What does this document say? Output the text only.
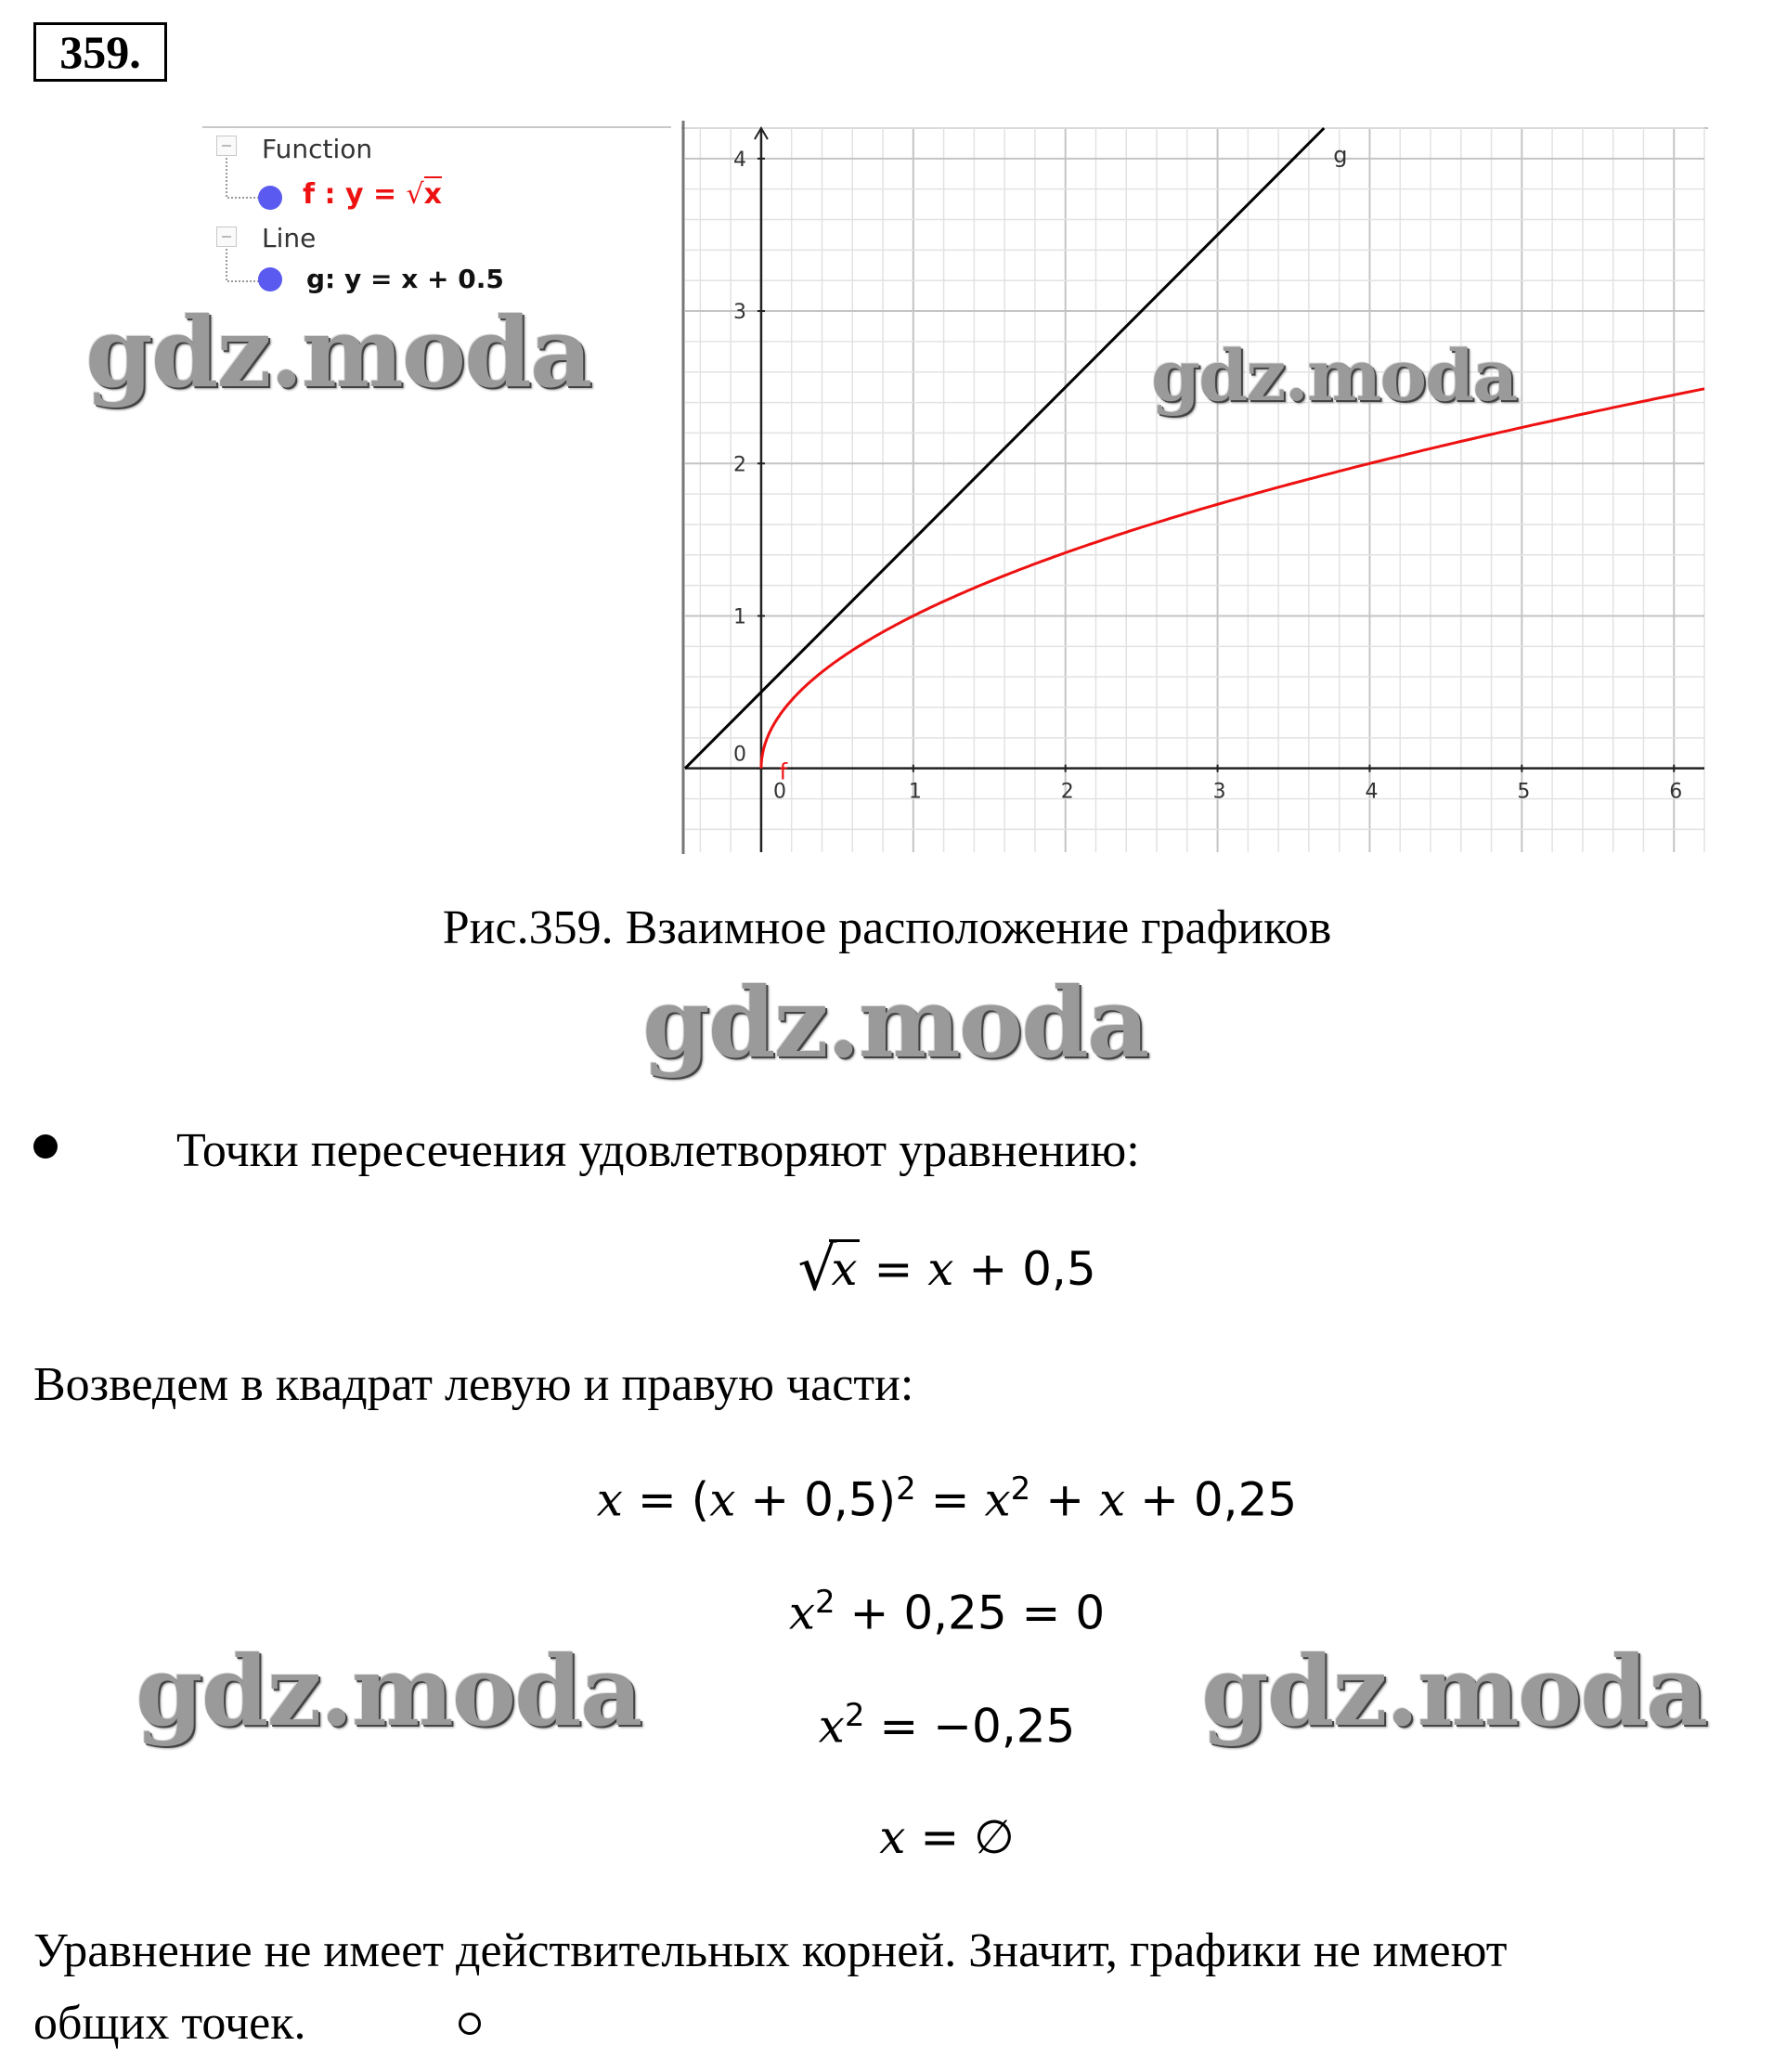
359.
Function
f : y = √x
Line
g: y = x + 0.5
0	1	2	3	4	5	6
0
1
2
3
4	g
f
gdz.moda	gdz.moda
gdz.moda
gdz.moda	gdz.moda
Рис.359. Взаимное расположение графиков
Точки пересечения удовлетворяют уравнению:
√
x = x + 0,5
Возведем в квадрат левую и правую части:
$x = (x + 0,5)^2 = x^2 + x + 0,25$
$x^2 + 0,25 = 0$
$x^2 = -0,25$
x = ∅
Уравнение не имеет действительных корней. Значит, графики не имеют
общих точек.
